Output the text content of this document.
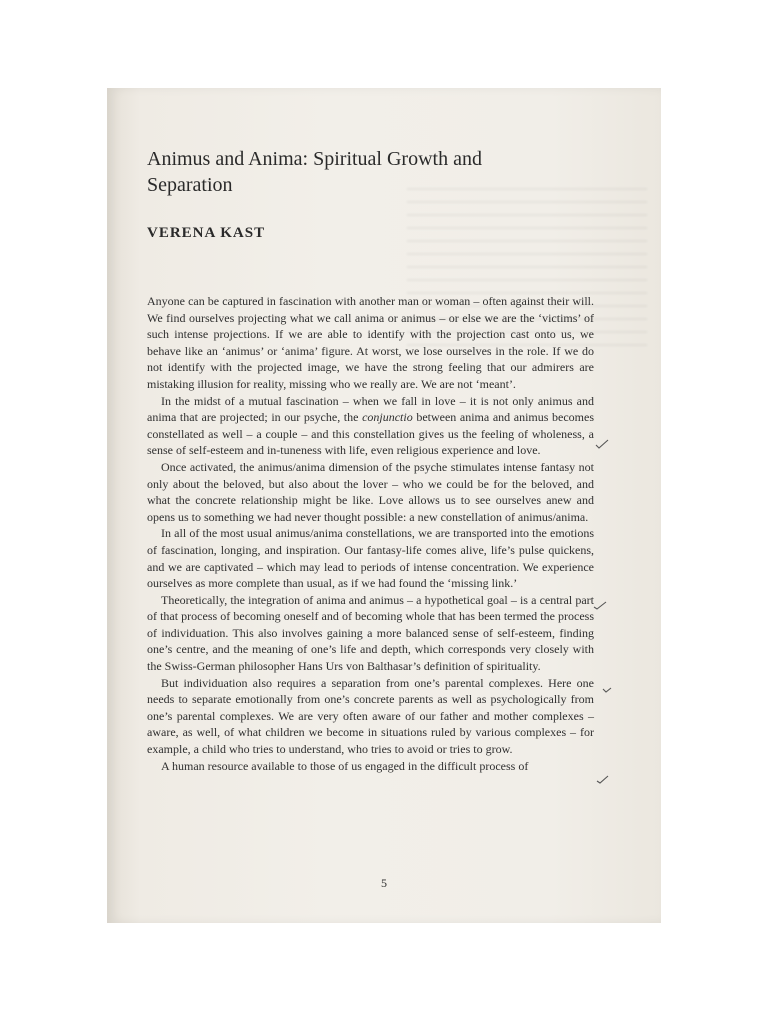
Animus and Anima: Spiritual Growth and Separation
VERENA KAST

Anyone can be captured in fascination with another man or woman – often against their will. We find ourselves projecting what we call anima or animus – or else we are the ‘victims’ of such intense projections. If we are able to identify with the projection cast onto us, we behave like an ‘animus’ or ‘anima’ figure. At worst, we lose ourselves in the role. If we do not identify with the projected image, we have the strong feeling that our admirers are mistaking illusion for reality, missing who we really are. We are not ‘meant’.

In the midst of a mutual fascination – when we fall in love – it is not only animus and anima that are projected; in our psyche, the conjunctio between anima and animus becomes constellated as well – a couple – and this constellation gives us the feeling of wholeness, a sense of self-esteem and in-tuneness with life, even religious experience and love.

Once activated, the animus/anima dimension of the psyche stimulates intense fantasy not only about the beloved, but also about the lover – who we could be for the beloved, and what the concrete relationship might be like. Love allows us to see ourselves anew and opens us to something we had never thought possible: a new constellation of animus/anima.

In all of the most usual animus/anima constellations, we are transported into the emotions of fascination, longing, and inspiration. Our fantasy-life comes alive, life’s pulse quickens, and we are captivated – which may lead to periods of intense concentration. We experience ourselves as more complete than usual, as if we had found the ‘missing link.’

Theoretically, the integration of anima and animus – a hypothetical goal – is a central part of that process of becoming oneself and of becoming whole that has been termed the process of individuation. This also involves gaining a more balanced sense of self-esteem, finding one’s centre, and the meaning of one’s life and depth, which corresponds very closely with the Swiss-German philosopher Hans Urs von Balthasar’s definition of spirituality.

But individuation also requires a separation from one’s parental complexes. Here one needs to separate emotionally from one’s concrete parents as well as psychologically from one’s parental complexes. We are very often aware of our father and mother complexes – aware, as well, of what children we become in situations ruled by various complexes – for example, a child who tries to understand, who tries to avoid or tries to grow.

A human resource available to those of us engaged in the difficult process of

5
